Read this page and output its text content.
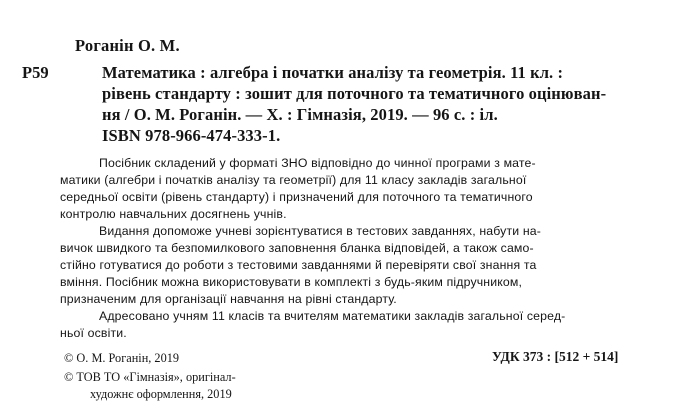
Роганін О. М.
Р59	Математика : алгебра і початки аналізу та геометрія. 11 кл. :
рівень стандарту : зошит для поточного та тематичного оцінюван-
ня / О. М. Роганін. — Х. : Гімназія, 2019. — 96 с. : іл.
ISBN 978-966-474-333-1.
Посібник складений у форматі ЗНО відповідно до чинної програми з мате-
матики (алгебри і початків аналізу та геометрії) для 11 класу закладів загальної
середньої освіти (рівень стандарту) і призначений для поточного та тематичного
контролю навчальних досягнень учнів.
Видання допоможе учневі зорієнтуватися в тестових завданнях, набути на-
вичок швидкого та безпомилкового заповнення бланка відповідей, а також само-
стійно готуватися до роботи з тестовими завданнями й перевіряти свої знання та
вміння. Посібник можна використовувати в комплекті з будь-яким підручником,
призначеним для організації навчання на рівні стандарту.
Адресовано учням 11 класів та вчителям математики закладів загальної серед-
ньої освіти.
© О. М. Роганін, 2019
© ТОВ ТО «Гімназія», оригінал-
художнє оформлення, 2019
УДК 373 : [512 + 514]
